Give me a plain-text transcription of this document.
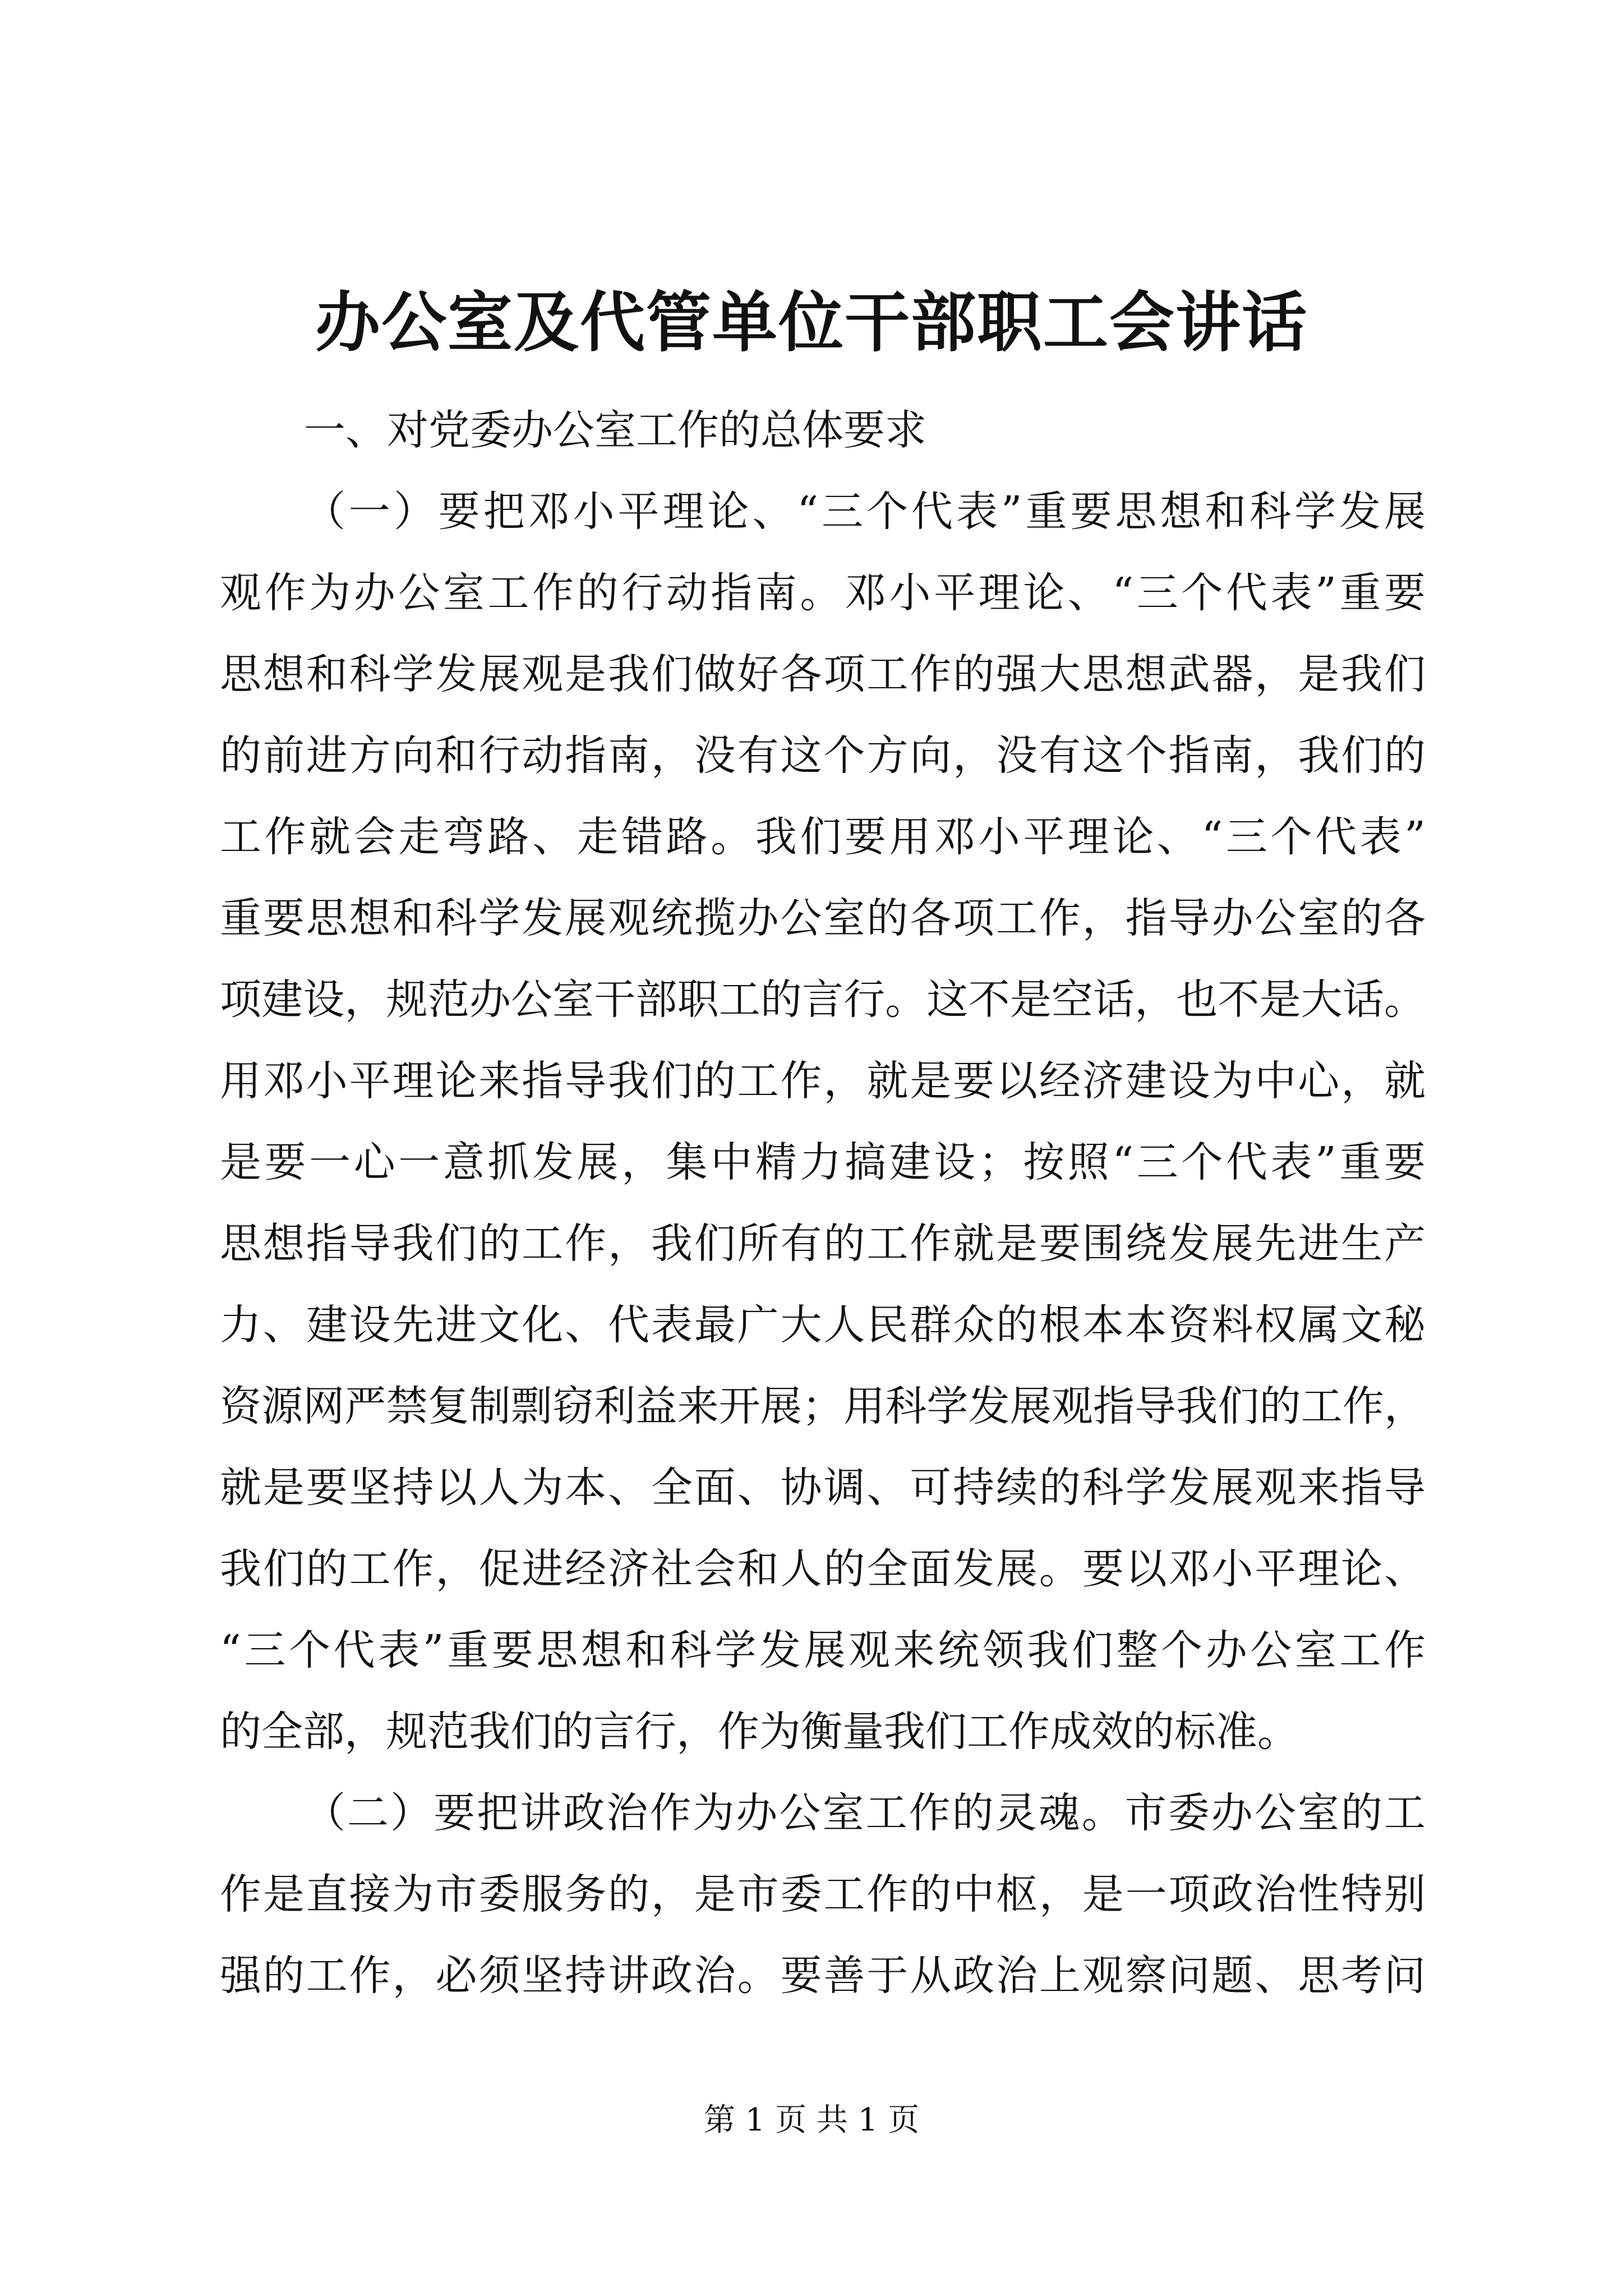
办公室及代管单位干部职工会讲话
一、对党委办公室工作的总体要求
（一）要把邓小平理论、“三个代表”重要思想和科学发展
观作为办公室工作的行动指南。邓小平理论、“三个代表”重要
思想和科学发展观是我们做好各项工作的强大思想武器，是我们
的前进方向和行动指南，没有这个方向，没有这个指南，我们的
工作就会走弯路、走错路。我们要用邓小平理论、“三个代表”
重要思想和科学发展观统揽办公室的各项工作，指导办公室的各
项建设，规范办公室干部职工的言行。这不是空话，也不是大话。
用邓小平理论来指导我们的工作，就是要以经济建设为中心，就
是要一心一意抓发展，集中精力搞建设；按照“三个代表”重要
思想指导我们的工作，我们所有的工作就是要围绕发展先进生产
力、建设先进文化、代表最广大人民群众的根本本资料权属文秘
资源网严禁复制剽窃利益来开展；用科学发展观指导我们的工作，
就是要坚持以人为本、全面、协调、可持续的科学发展观来指导
我们的工作，促进经济社会和人的全面发展。要以邓小平理论、
“三个代表”重要思想和科学发展观来统领我们整个办公室工作
的全部，规范我们的言行，作为衡量我们工作成效的标准。
（二）要把讲政治作为办公室工作的灵魂。市委办公室的工
作是直接为市委服务的，是市委工作的中枢，是一项政治性特别
强的工作，必须坚持讲政治。要善于从政治上观察问题、思考问
第 1 页 共 1 页
